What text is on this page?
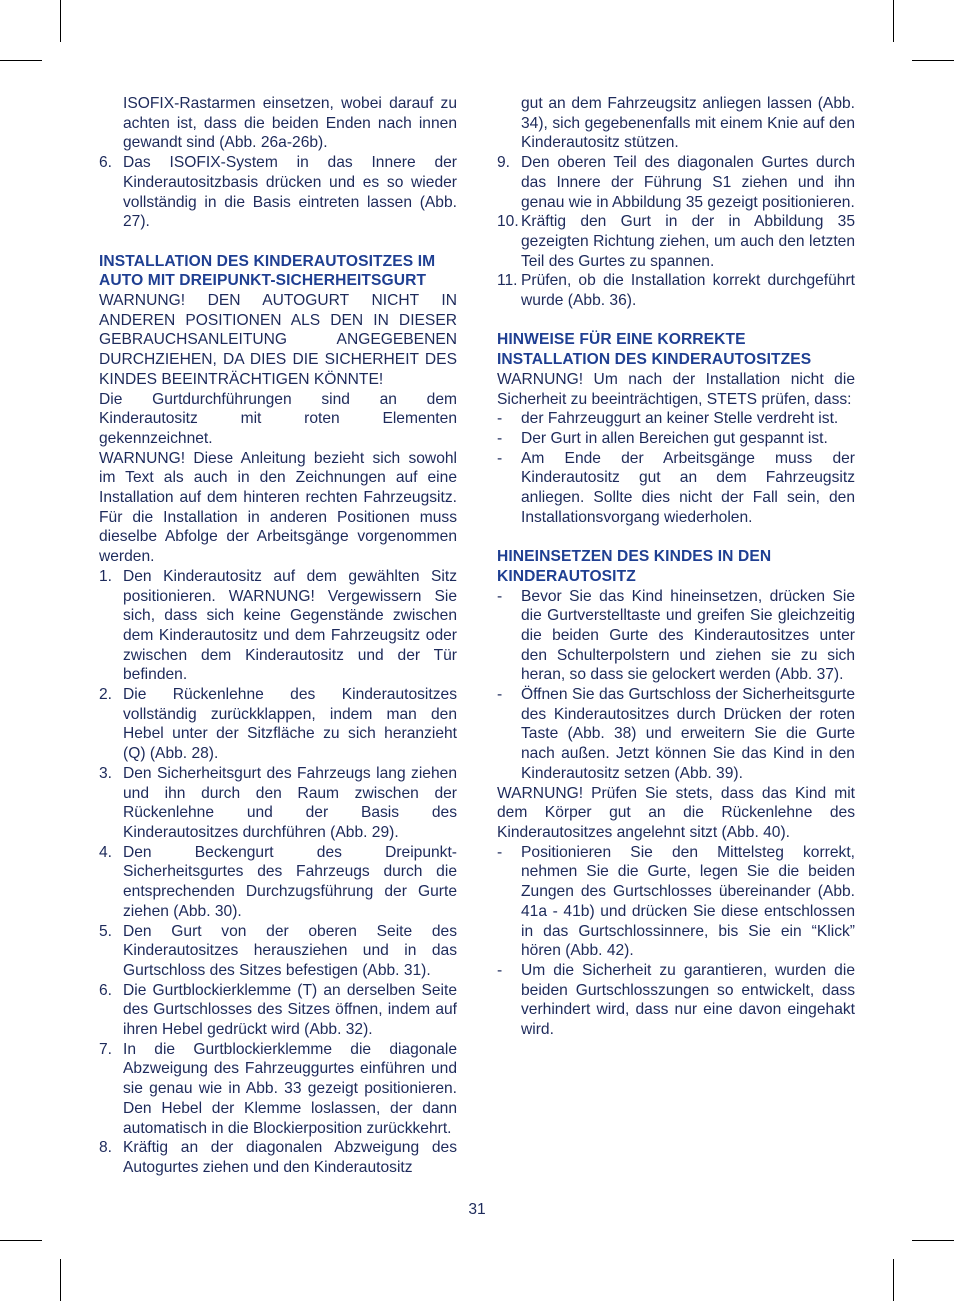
ISOFIX-Rastarmen einsetzen, wobei darauf zu achten ist, dass die beiden Enden nach innen gewandt sind (Abb. 26a-26b).

6. Das ISOFIX-System in das Innere der Kinderautositzbasis drücken und es so wieder vollständig in die Basis eintreten lassen (Abb. 27).

INSTALLATION DES KINDERAUTOSITZES IM AUTO MIT DREIPUNKT-SICHERHEITSGURT

WARNUNG! DEN AUTOGURT NICHT IN ANDEREN POSITIONEN ALS DEN IN DIESER GEBRAUCHSANLEITUNG ANGEGEBENEN DURCHZIEHEN, DA DIES DIE SICHERHEIT DES KINDES BEEINTRÄCHTIGEN KÖNNTE!

Die Gurtdurchführungen sind an dem Kinderautositz mit roten Elementen gekennzeichnet.

WARNUNG! Diese Anleitung bezieht sich sowohl im Text als auch in den Zeichnungen auf eine Installation auf dem hinteren rechten Fahrzeugsitz. Für die Installation in anderen Positionen muss dieselbe Abfolge der Arbeitsgänge vorgenommen werden.

1. Den Kinderautositz auf dem gewählten Sitz positionieren. WARNUNG! Vergewissern Sie sich, dass sich keine Gegenstände zwischen dem Kinderautositz und dem Fahrzeugsitz oder zwischen dem Kinderautositz und der Tür befinden.
2. Die Rückenlehne des Kinderautositzes vollständig zurückklappen, indem man den Hebel unter der Sitzfläche zu sich heranzieht (Q) (Abb. 28).
3. Den Sicherheitsgurt des Fahrzeugs lang ziehen und ihn durch den Raum zwischen der Rückenlehne und der Basis des Kinderautositzes durchführen (Abb. 29).
4. Den Beckengurt des Dreipunkt-Sicherheitsgurtes des Fahrzeugs durch die entsprechenden Durchzugsführung der Gurte ziehen (Abb. 30).
5. Den Gurt von der oberen Seite des Kinderautositzes herausziehen und in das Gurtschloss des Sitzes befestigen (Abb. 31).
6. Die Gurtblockierklemme (T) an derselben Seite des Gurtschlosses des Sitzes öffnen, indem auf ihren Hebel gedrückt wird (Abb. 32).
7. In die Gurtblockierklemme die diagonale Abzweigung des Fahrzeuggurtes einführen und sie genau wie in Abb. 33 gezeigt positionieren. Den Hebel der Klemme loslassen, der dann automatisch in die Blockierposition zurückkehrt.
8. Kräftig an der diagonalen Abzweigung des Autogurtes ziehen und den Kinderautositz

gut an dem Fahrzeugsitz anliegen lassen (Abb. 34), sich gegebenenfalls mit einem Knie auf den Kinderautositz stützen.

9. Den oberen Teil des diagonalen Gurtes durch das Innere der Führung S1 ziehen und ihn genau wie in Abbildung 35 gezeigt positionieren.
10. Kräftig den Gurt in der in Abbildung 35 gezeigten Richtung ziehen, um auch den letzten Teil des Gurtes zu spannen.
11. Prüfen, ob die Installation korrekt durchgeführt wurde (Abb. 36).

HINWEISE FÜR EINE KORREKTE INSTALLATION DES KINDERAUTOSITZES

WARNUNG! Um nach der Installation nicht die Sicherheit zu beeinträchtigen, STETS prüfen, dass:

- der Fahrzeuggurt an keiner Stelle verdreht ist.
- Der Gurt in allen Bereichen gut gespannt ist.
- Am Ende der Arbeitsgänge muss der Kinderautositz gut an dem Fahrzeugsitz anliegen. Sollte dies nicht der Fall sein, den Installationsvorgang wiederholen.

HINEINSETZEN DES KINDES IN DEN KINDERAUTOSITZ

- Bevor Sie das Kind hineinsetzen, drücken Sie die Gurtverstelltaste und greifen Sie gleichzeitig die beiden Gurte des Kinderautositzes unter den Schulterpolstern und ziehen sie zu sich heran, so dass sie gelockert werden (Abb. 37).
- Öffnen Sie das Gurtschloss der Sicherheitsgurte des Kinderautositzes durch Drücken der roten Taste (Abb. 38) und erweitern Sie die Gurte nach außen. Jetzt können Sie das Kind in den Kinderautositz setzen (Abb. 39).

WARNUNG! Prüfen Sie stets, dass das Kind mit dem Körper gut an die Rückenlehne des Kinderautositzes angelehnt sitzt (Abb. 40).

- Positionieren Sie den Mittelsteg korrekt, nehmen Sie die Gurte, legen Sie die beiden Zungen des Gurtschlosses übereinander (Abb. 41a - 41b) und drücken Sie diese entschlossen in das Gurtschlossinnere, bis Sie ein “Klick” hören (Abb. 42).
- Um die Sicherheit zu garantieren, wurden die beiden Gurtschlosszungen so entwickelt, dass verhindert wird, dass nur eine davon eingehakt wird.
31
